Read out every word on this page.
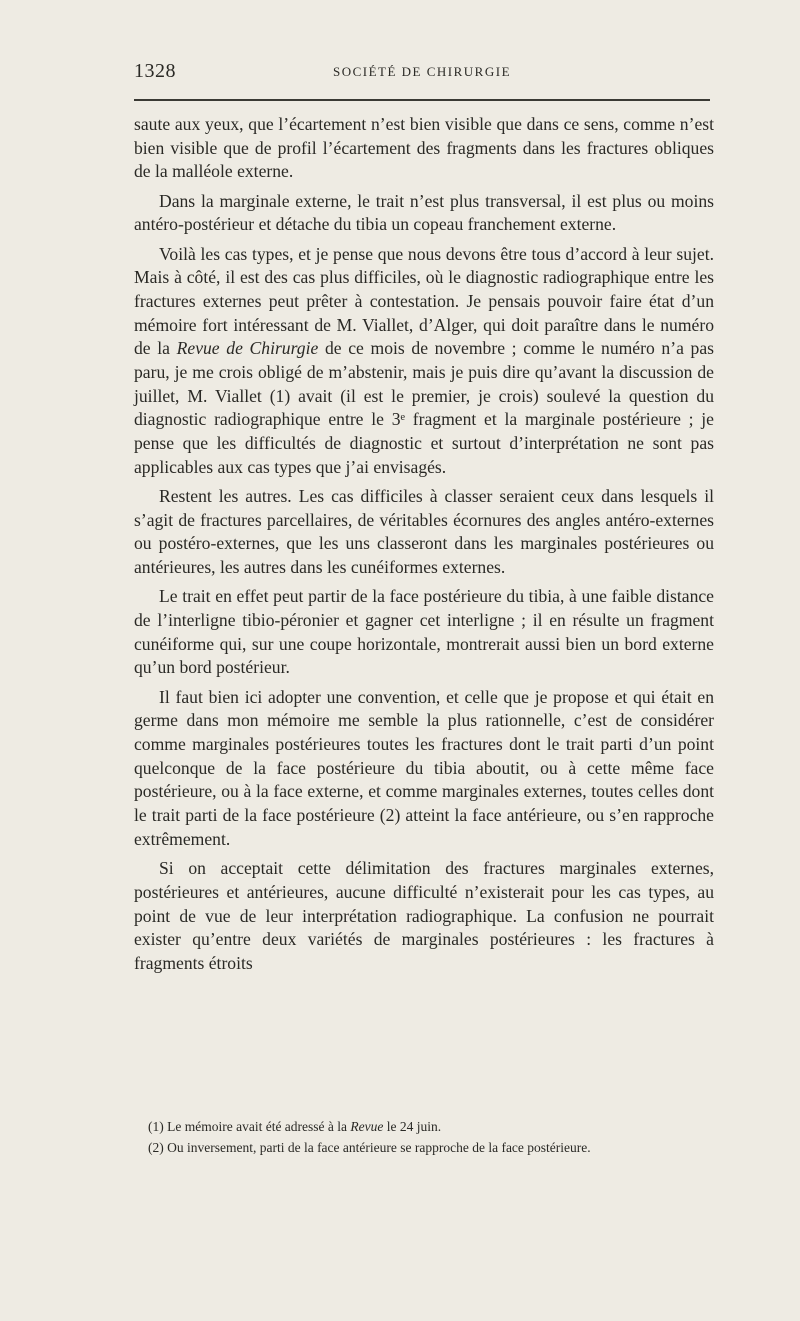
1328	SOCIÉTÉ DE CHIRURGIE

saute aux yeux, que l’écartement n’est bien visible que dans ce sens, comme n’est bien visible que de profil l’écartement des fragments dans les fractures obliques de la malléole externe.

Dans la marginale externe, le trait n’est plus transversal, il est plus ou moins antéro-postérieur et détache du tibia un copeau franchement externe.

Voilà les cas types, et je pense que nous devons être tous d’accord à leur sujet. Mais à côté, il est des cas plus difficiles, où le diagnostic radiographique entre les fractures externes peut prêter à contestation. Je pensais pouvoir faire état d’un mémoire fort intéressant de M. Viallet, d’Alger, qui doit paraître dans le numéro de la Revue de Chirurgie de ce mois de novembre ; comme le numéro n’a pas paru, je me crois obligé de m’abstenir, mais je puis dire qu’avant la discussion de juillet, M. Viallet (1) avait (il est le premier, je crois) soulevé la question du diagnostic radiographique entre le 3ᵉ fragment et la marginale postérieure ; je pense que les difficultés de diagnostic et surtout d’interprétation ne sont pas applicables aux cas types que j’ai envisagés.

Restent les autres. Les cas difficiles à classer seraient ceux dans lesquels il s’agit de fractures parcellaires, de véritables écornures des angles antéro-externes ou postéro-externes, que les uns classeront dans les marginales postérieures ou antérieures, les autres dans les cunéiformes externes.

Le trait en effet peut partir de la face postérieure du tibia, à une faible distance de l’interligne tibio-péronier et gagner cet interligne ; il en résulte un fragment cunéiforme qui, sur une coupe horizontale, montrerait aussi bien un bord externe qu’un bord postérieur.

Il faut bien ici adopter une convention, et celle que je propose et qui était en germe dans mon mémoire me semble la plus rationnelle, c’est de considérer comme marginales postérieures toutes les fractures dont le trait parti d’un point quelconque de la face postérieure du tibia aboutit, ou à cette même face postérieure, ou à la face externe, et comme marginales externes, toutes celles dont le trait parti de la face postérieure (2) atteint la face antérieure, ou s’en rapproche extrêmement.

Si on acceptait cette délimitation des fractures marginales externes, postérieures et antérieures, aucune difficulté n’existerait pour les cas types, au point de vue de leur interprétation radiographique. La confusion ne pourrait exister qu’entre deux variétés de marginales postérieures : les fractures à fragments étroits

(1) Le mémoire avait été adressé à la Revue le 24 juin.

(2) Ou inversement, parti de la face antérieure se rapproche de la face postérieure.
